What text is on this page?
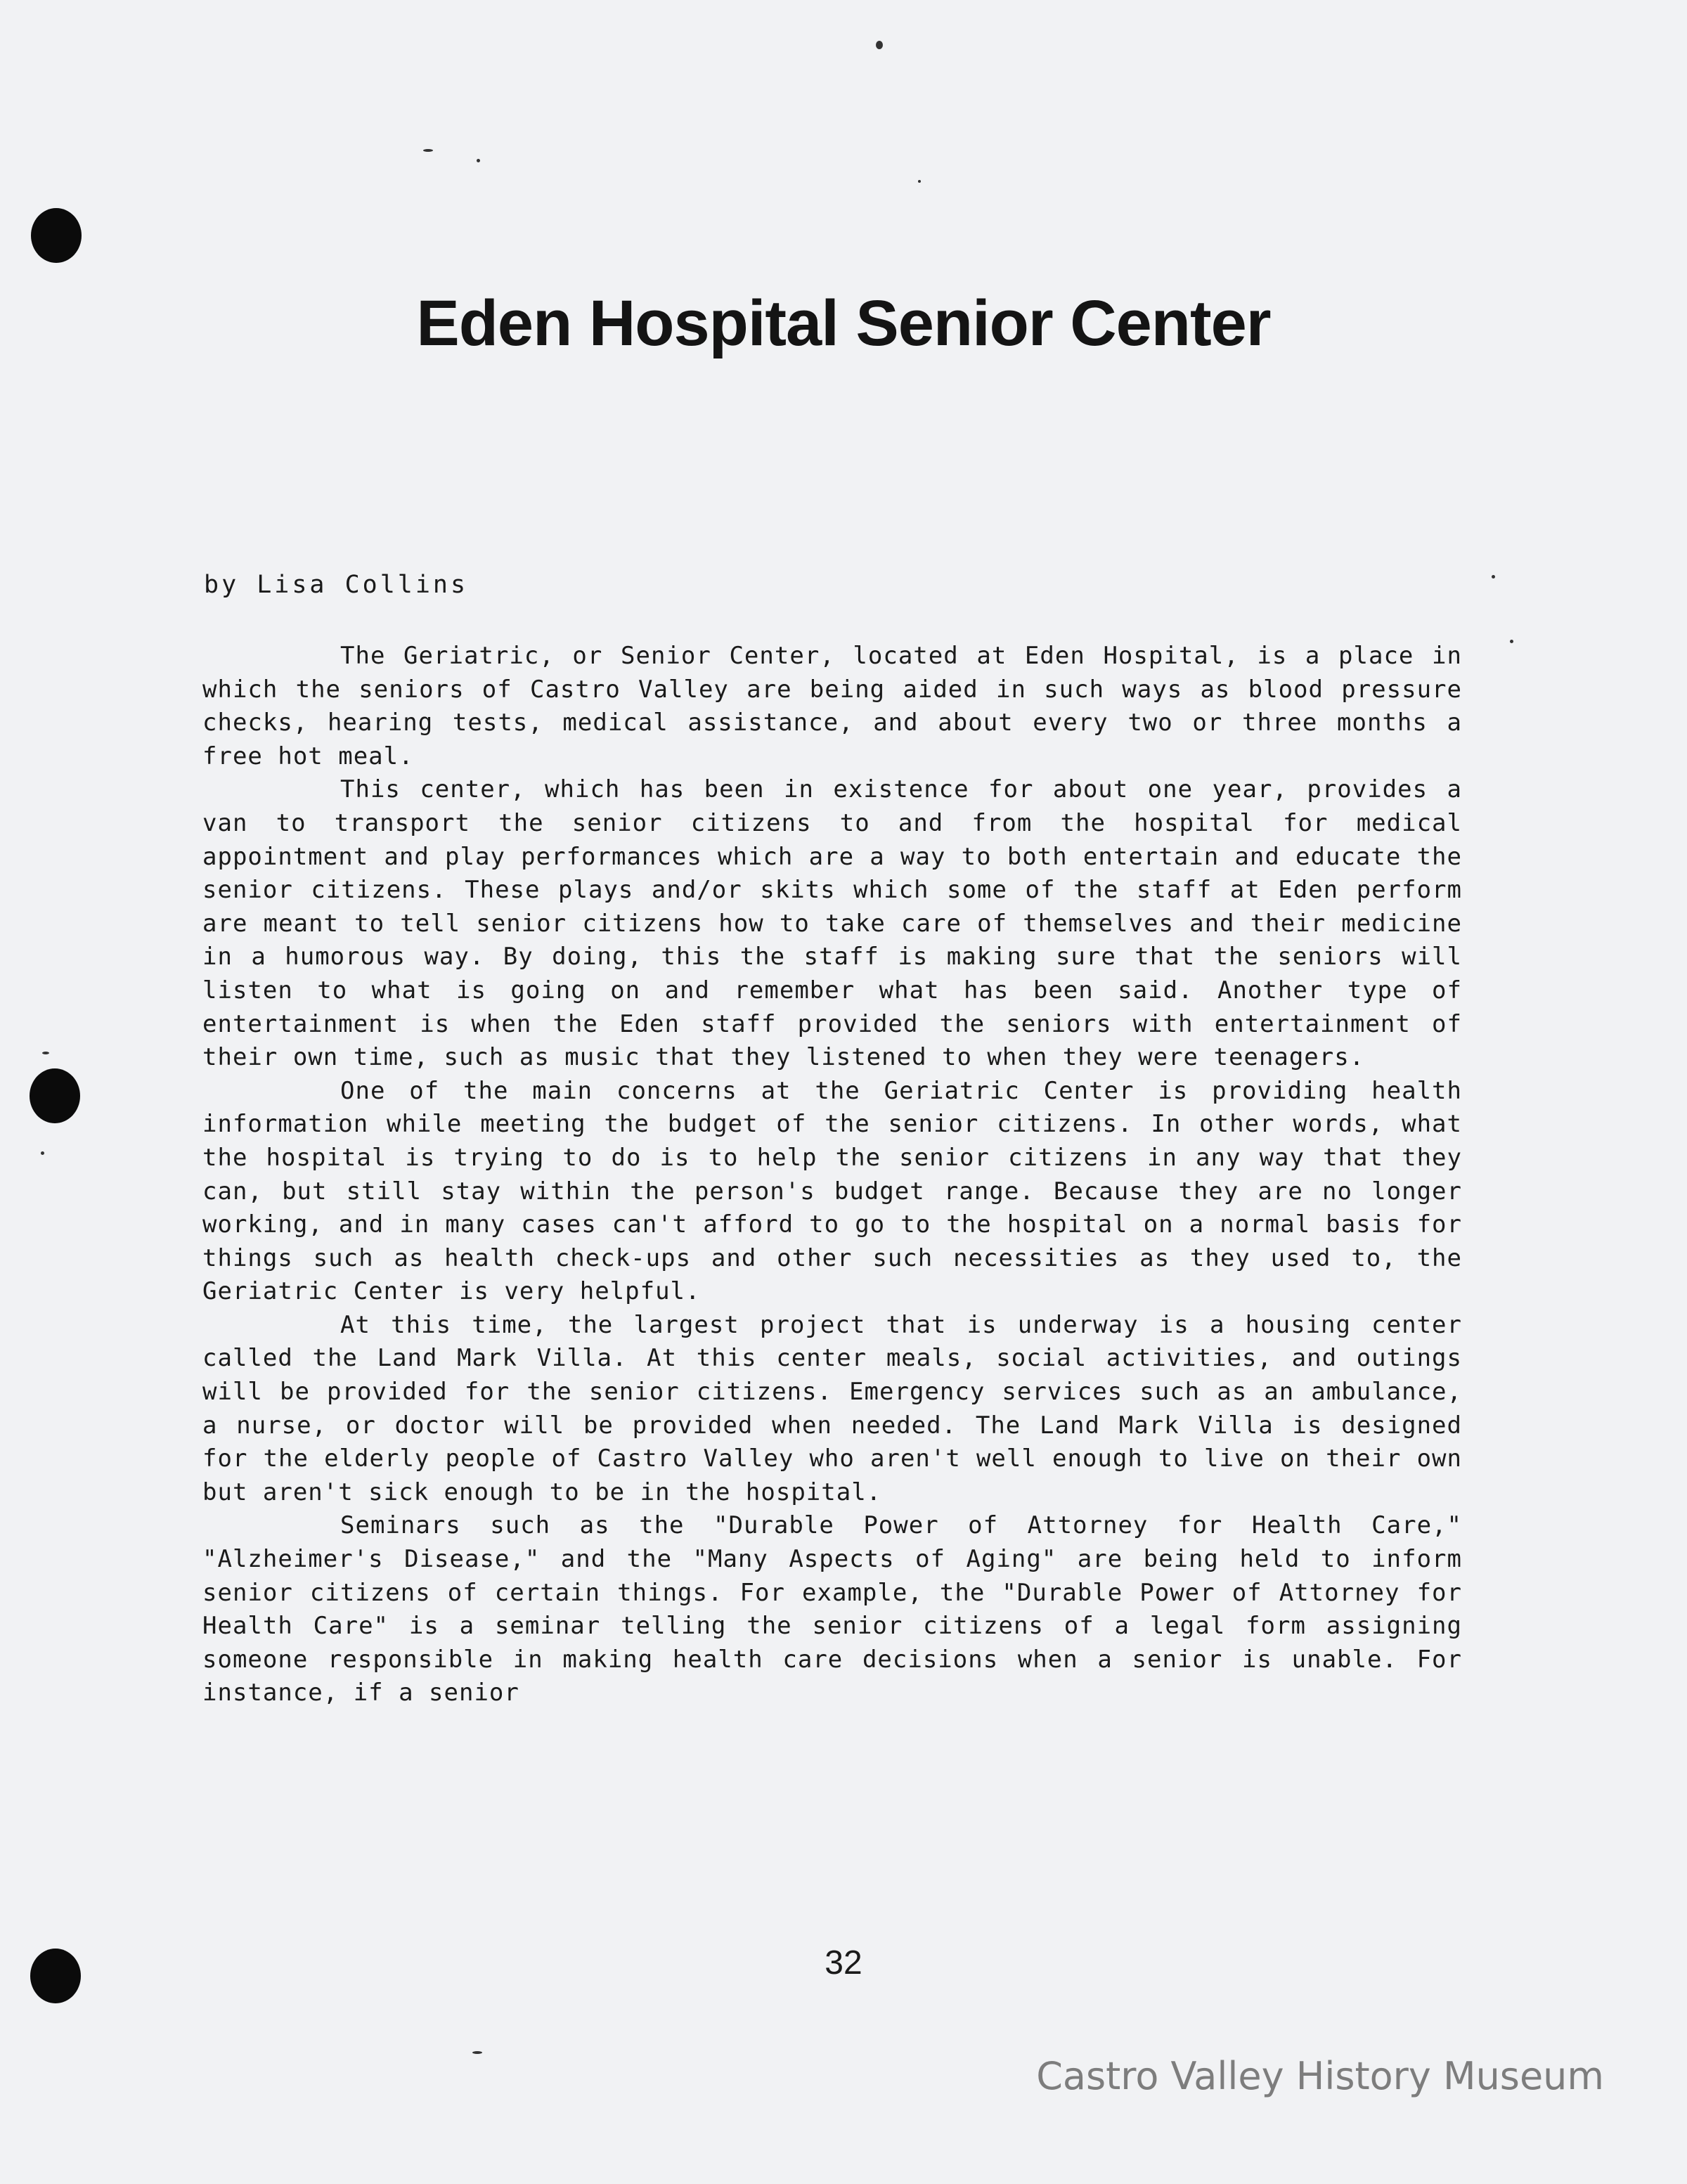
Eden Hospital Senior Center

by Lisa Collins

The Geriatric, or Senior Center, located at Eden Hospital, is a place in which the seniors of Castro Valley are being aided in such ways as blood pressure checks, hearing tests, medical assistance, and about every two or three months a free hot meal.

This center, which has been in existence for about one year, provides a van to transport the senior citizens to and from the hospital for medical appointment and play performances which are a way to both entertain and educate the senior citizens. These plays and/or skits which some of the staff at Eden perform are meant to tell senior citizens how to take care of themselves and their medicine in a humorous way. By doing, this the staff is making sure that the seniors will listen to what is going on and remember what has been said. Another type of entertainment is when the Eden staff provided the seniors with entertainment of their own time, such as music that they listened to when they were teenagers.

One of the main concerns at the Geriatric Center is providing health information while meeting the budget of the senior citizens. In other words, what the hospital is trying to do is to help the senior citizens in any way that they can, but still stay within the person's budget range. Because they are no longer working, and in many cases can't afford to go to the hospital on a normal basis for things such as health check-ups and other such necessities as they used to, the Geriatric Center is very helpful.

At this time, the largest project that is underway is a housing center called the Land Mark Villa. At this center meals, social activities, and outings will be provided for the senior citizens. Emergency services such as an ambulance, a nurse, or doctor will be provided when needed. The Land Mark Villa is designed for the elderly people of Castro Valley who aren't well enough to live on their own but aren't sick enough to be in the hospital.

Seminars such as the "Durable Power of Attorney for Health Care," "Alzheimer's Disease," and the "Many Aspects of Aging" are being held to inform senior citizens of certain things. For example, the "Durable Power of Attorney for Health Care" is a seminar telling the senior citizens of a legal form assigning someone responsible in making health care decisions when a senior is unable. For instance, if a senior

32

Castro Valley History Museum
